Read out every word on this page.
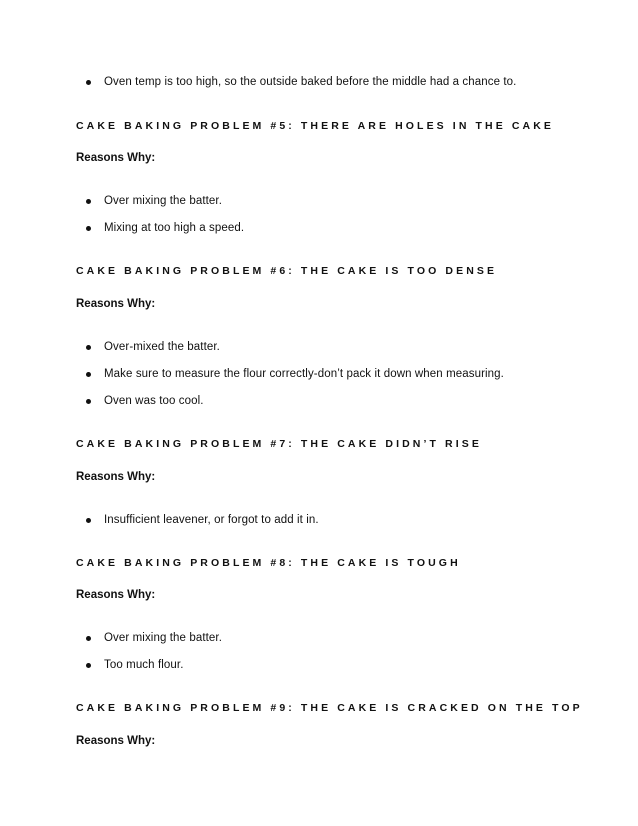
Oven temp is too high, so the outside baked before the middle had a chance to.
CAKE BAKING PROBLEM #5: THERE ARE HOLES IN THE CAKE
Reasons Why:
Over mixing the batter.
Mixing at too high a speed.
CAKE BAKING PROBLEM #6: THE CAKE IS TOO DENSE
Reasons Why:
Over-mixed the batter.
Make sure to measure the flour correctly-don’t pack it down when measuring.
Oven was too cool.
CAKE BAKING PROBLEM #7: THE CAKE DIDN’T RISE
Reasons Why:
Insufficient leavener, or forgot to add it in.
CAKE BAKING PROBLEM #8: THE CAKE IS TOUGH
Reasons Why:
Over mixing the batter.
Too much flour.
CAKE BAKING PROBLEM #9: THE CAKE IS CRACKED ON THE TOP
Reasons Why:
